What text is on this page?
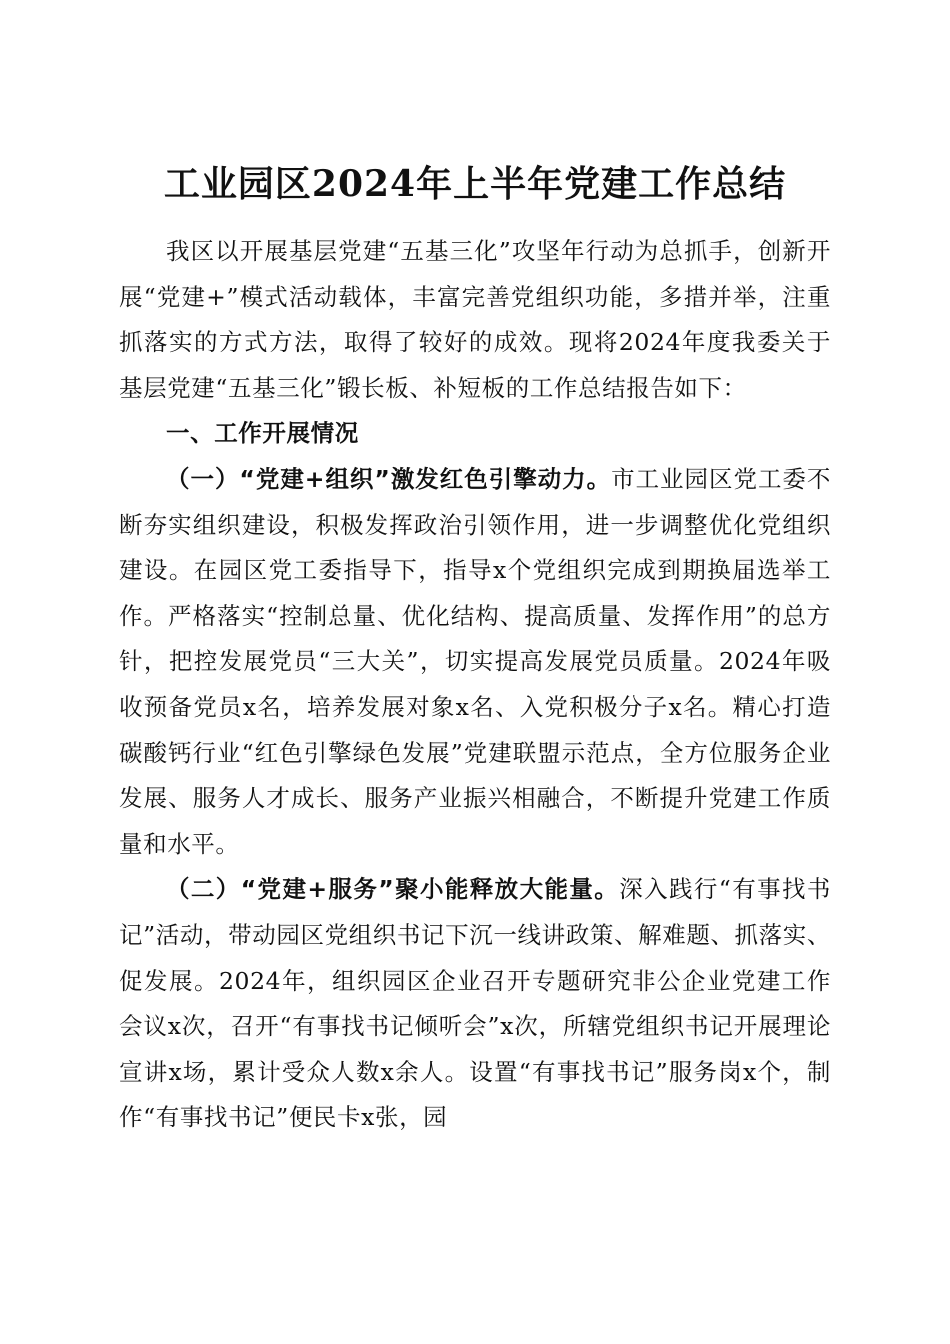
工业园区2024年上半年党建工作总结

我区以开展基层党建“五基三化”攻坚年行动为总抓手，创新开展“党建+”模式活动载体，丰富完善党组织功能，多措并举，注重抓落实的方式方法，取得了较好的成效。现将2024年度我委关于基层党建“五基三化”锻长板、补短板的工作总结报告如下：

一、工作开展情况

（一）“党建+组织”激发红色引擎动力。市工业园区党工委不断夯实组织建设，积极发挥政治引领作用，进一步调整优化党组织建设。在园区党工委指导下，指导x个党组织完成到期换届选举工作。严格落实“控制总量、优化结构、提高质量、发挥作用”的总方针，把控发展党员“三大关”，切实提高发展党员质量。2024年吸收预备党员x名，培养发展对象x名、入党积极分子x名。精心打造碳酸钙行业“红色引擎绿色发展”党建联盟示范点，全方位服务企业发展、服务人才成长、服务产业振兴相融合，不断提升党建工作质量和水平。

（二）“党建+服务”聚小能释放大能量。深入践行“有事找书记”活动，带动园区党组织书记下沉一线讲政策、解难题、抓落实、促发展。2024年，组织园区企业召开专题研究非公企业党建工作会议x次，召开“有事找书记倾听会”x次，所辖党组织书记开展理论宣讲x场，累计受众人数x余人。设置“有事找书记”服务岗x个，制作“有事找书记”便民卡x张，园
